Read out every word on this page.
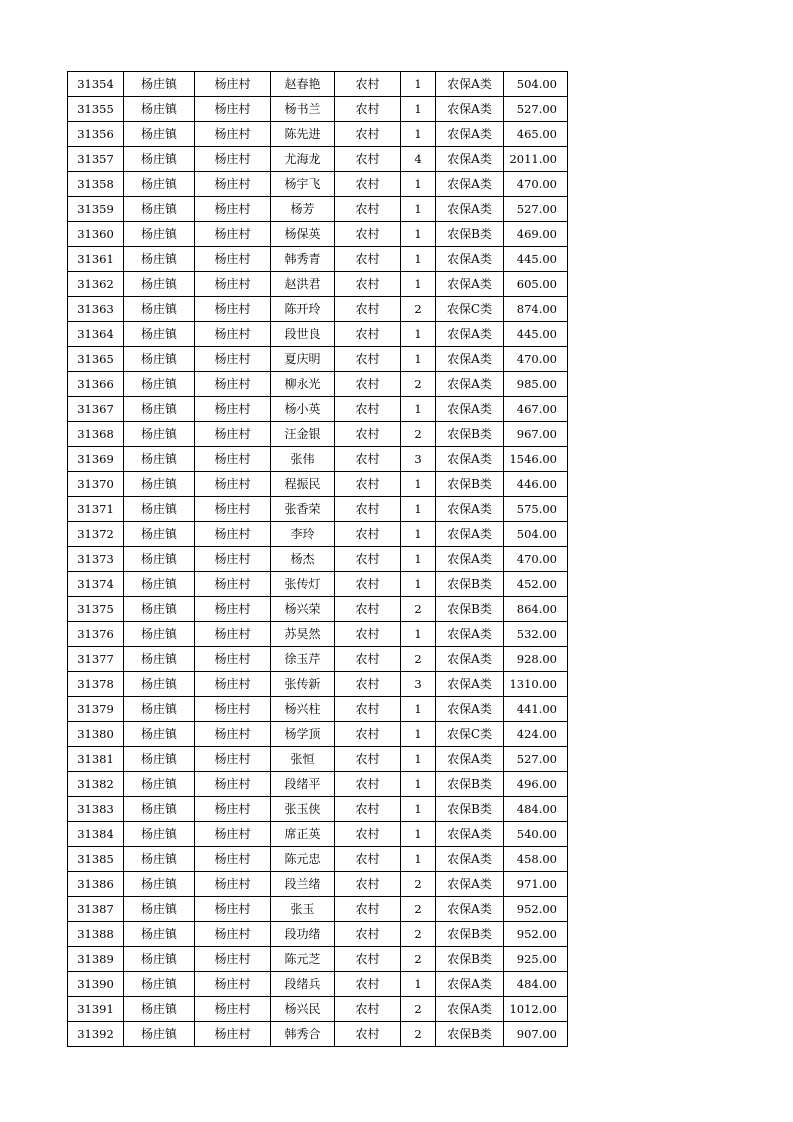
31354	杨庄镇	杨庄村	赵春艳	农村	1	农保A类	504.00
31355	杨庄镇	杨庄村	杨书兰	农村	1	农保A类	527.00
31356	杨庄镇	杨庄村	陈先进	农村	1	农保A类	465.00
31357	杨庄镇	杨庄村	尤海龙	农村	4	农保A类	2011.00
31358	杨庄镇	杨庄村	杨宇飞	农村	1	农保A类	470.00
31359	杨庄镇	杨庄村	杨芳	农村	1	农保A类	527.00
31360	杨庄镇	杨庄村	杨保英	农村	1	农保B类	469.00
31361	杨庄镇	杨庄村	韩秀青	农村	1	农保A类	445.00
31362	杨庄镇	杨庄村	赵洪君	农村	1	农保A类	605.00
31363	杨庄镇	杨庄村	陈开玲	农村	2	农保C类	874.00
31364	杨庄镇	杨庄村	段世良	农村	1	农保A类	445.00
31365	杨庄镇	杨庄村	夏庆明	农村	1	农保A类	470.00
31366	杨庄镇	杨庄村	柳永光	农村	2	农保A类	985.00
31367	杨庄镇	杨庄村	杨小英	农村	1	农保A类	467.00
31368	杨庄镇	杨庄村	汪金银	农村	2	农保B类	967.00
31369	杨庄镇	杨庄村	张伟	农村	3	农保A类	1546.00
31370	杨庄镇	杨庄村	程振民	农村	1	农保B类	446.00
31371	杨庄镇	杨庄村	张香荣	农村	1	农保A类	575.00
31372	杨庄镇	杨庄村	李玲	农村	1	农保A类	504.00
31373	杨庄镇	杨庄村	杨杰	农村	1	农保A类	470.00
31374	杨庄镇	杨庄村	张传灯	农村	1	农保B类	452.00
31375	杨庄镇	杨庄村	杨兴荣	农村	2	农保B类	864.00
31376	杨庄镇	杨庄村	苏昊然	农村	1	农保A类	532.00
31377	杨庄镇	杨庄村	徐玉芹	农村	2	农保A类	928.00
31378	杨庄镇	杨庄村	张传新	农村	3	农保A类	1310.00
31379	杨庄镇	杨庄村	杨兴柱	农村	1	农保A类	441.00
31380	杨庄镇	杨庄村	杨学顶	农村	1	农保C类	424.00
31381	杨庄镇	杨庄村	张恒	农村	1	农保A类	527.00
31382	杨庄镇	杨庄村	段绪平	农村	1	农保B类	496.00
31383	杨庄镇	杨庄村	张玉侠	农村	1	农保B类	484.00
31384	杨庄镇	杨庄村	席正英	农村	1	农保A类	540.00
31385	杨庄镇	杨庄村	陈元忠	农村	1	农保A类	458.00
31386	杨庄镇	杨庄村	段兰绪	农村	2	农保A类	971.00
31387	杨庄镇	杨庄村	张玉	农村	2	农保A类	952.00
31388	杨庄镇	杨庄村	段功绪	农村	2	农保B类	952.00
31389	杨庄镇	杨庄村	陈元芝	农村	2	农保B类	925.00
31390	杨庄镇	杨庄村	段绪兵	农村	1	农保A类	484.00
31391	杨庄镇	杨庄村	杨兴民	农村	2	农保A类	1012.00
31392	杨庄镇	杨庄村	韩秀合	农村	2	农保B类	907.00
